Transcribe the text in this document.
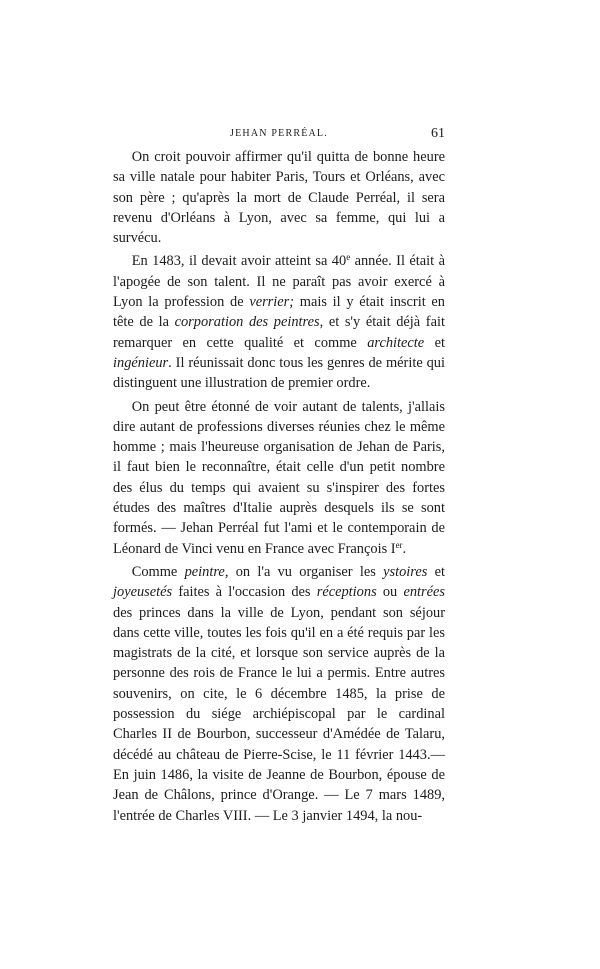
JEHAN PERRÉAL.	61

On croit pouvoir affirmer qu'il quitta de bonne heure sa ville natale pour habiter Paris, Tours et Orléans, avec son père ; qu'après la mort de Claude Perréal, il sera revenu d'Orléans à Lyon, avec sa femme, qui lui a survécu.

En 1483, il devait avoir atteint sa 40e année. Il était à l'apogée de son talent. Il ne paraît pas avoir exercé à Lyon la profession de verrier; mais il y était inscrit en tête de la corporation des peintres, et s'y était déjà fait remarquer en cette qualité et comme architecte et ingénieur. Il réunissait donc tous les genres de mérite qui distinguent une illustration de premier ordre.

On peut être étonné de voir autant de talents, j'allais dire autant de professions diverses réunies chez le même homme ; mais l'heureuse organisation de Jehan de Paris, il faut bien le reconnaître, était celle d'un petit nombre des élus du temps qui avaient su s'inspirer des fortes études des maîtres d'Italie auprès desquels ils se sont formés. — Jehan Perréal fut l'ami et le contemporain de Léonard de Vinci venu en France avec François Ier.

Comme peintre, on l'a vu organiser les ystoires et joyeusetés faites à l'occasion des réceptions ou entrées des princes dans la ville de Lyon, pendant son séjour dans cette ville, toutes les fois qu'il en a été requis par les magistrats de la cité, et lorsque son service auprès de la personne des rois de France le lui a permis. Entre autres souvenirs, on cite, le 6 décembre 1485, la prise de possession du siége archiépiscopal par le cardinal Charles II de Bourbon, successeur d'Amédée de Talaru, décédé au château de Pierre-Scise, le 11 février 1443.— En juin 1486, la visite de Jeanne de Bourbon, épouse de Jean de Châlons, prince d'Orange. — Le 7 mars 1489, l'entrée de Charles VIII. — Le 3 janvier 1494, la nou-
